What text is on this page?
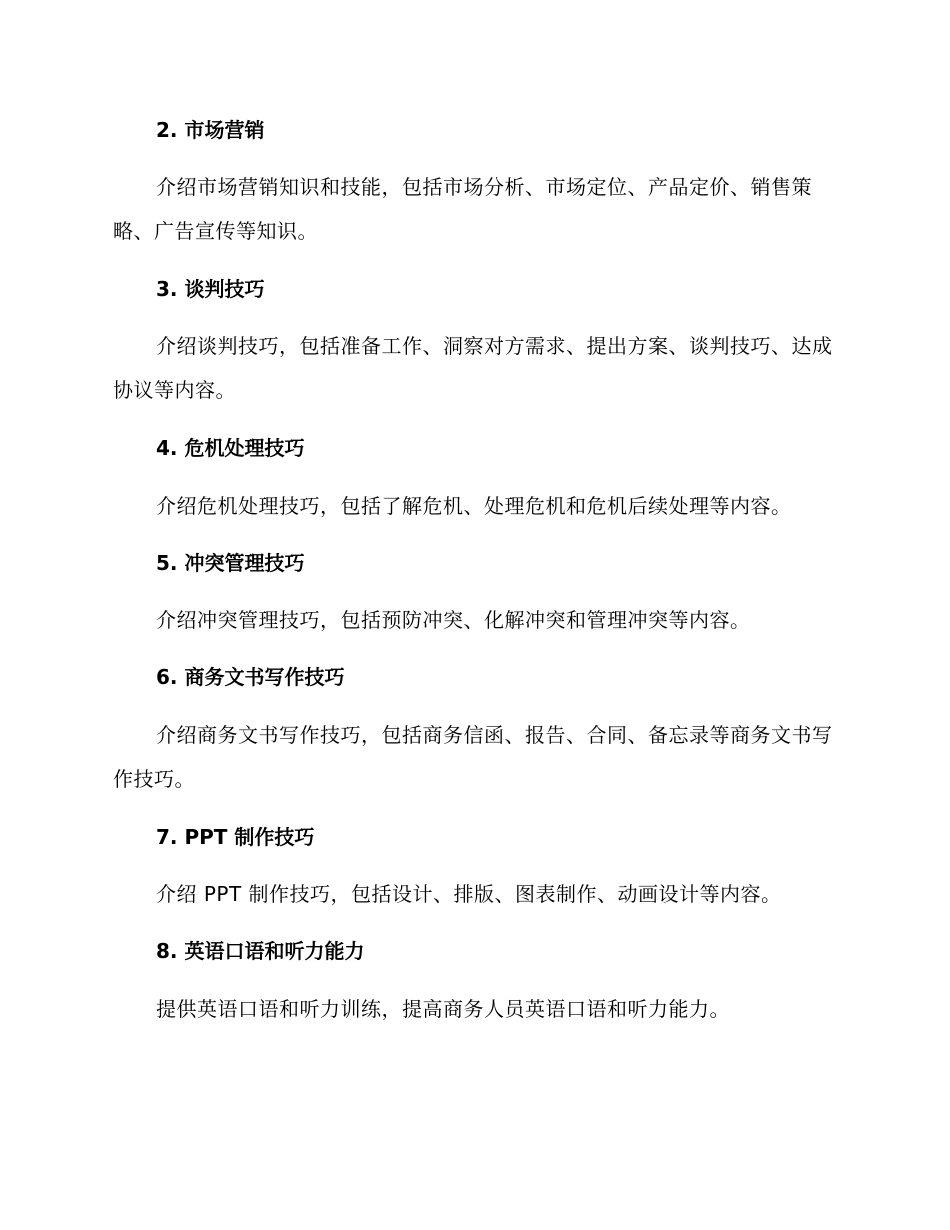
2. 市场营销
介绍市场营销知识和技能，包括市场分析、市场定位、产品定价、销售策略、广告宣传等知识。
3. 谈判技巧
介绍谈判技巧，包括准备工作、洞察对方需求、提出方案、谈判技巧、达成协议等内容。
4. 危机处理技巧
介绍危机处理技巧，包括了解危机、处理危机和危机后续处理等内容。
5. 冲突管理技巧
介绍冲突管理技巧，包括预防冲突、化解冲突和管理冲突等内容。
6. 商务文书写作技巧
介绍商务文书写作技巧，包括商务信函、报告、合同、备忘录等商务文书写作技巧。
7. PPT 制作技巧
介绍 PPT 制作技巧，包括设计、排版、图表制作、动画设计等内容。
8. 英语口语和听力能力
提供英语口语和听力训练，提高商务人员英语口语和听力能力。
